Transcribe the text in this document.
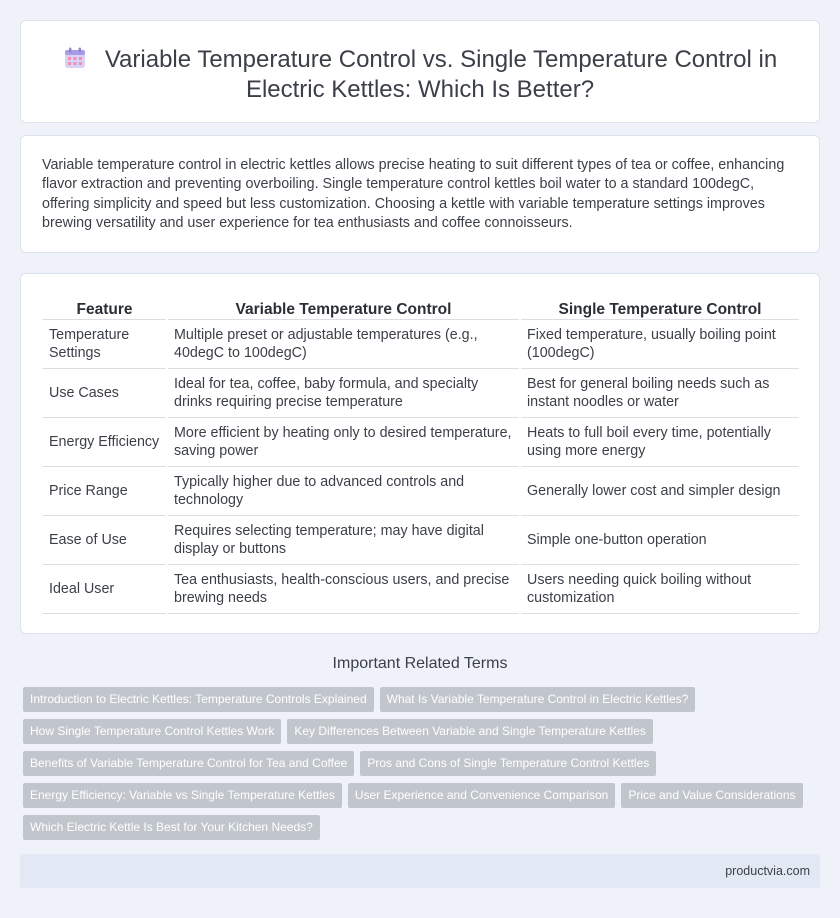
Variable Temperature Control vs. Single Temperature Control in
Electric Kettles: Which Is Better?

Variable temperature control in electric kettles allows precise heating to suit different types of tea or coffee, enhancing flavor extraction and preventing overboiling. Single temperature control kettles boil water to a standard 100degC, offering simplicity and speed but less customization. Choosing a kettle with variable temperature settings improves brewing versatility and user experience for tea enthusiasts and coffee connoisseurs.

Feature	Variable Temperature Control	Single Temperature Control
Temperature Settings	Multiple preset or adjustable temperatures (e.g., 40degC to 100degC)	Fixed temperature, usually boiling point (100degC)
Use Cases	Ideal for tea, coffee, baby formula, and specialty drinks requiring precise temperature	Best for general boiling needs such as instant noodles or water
Energy Efficiency	More efficient by heating only to desired temperature, saving power	Heats to full boil every time, potentially using more energy
Price Range	Typically higher due to advanced controls and technology	Generally lower cost and simpler design
Ease of Use	Requires selecting temperature; may have digital display or buttons	Simple one-button operation
Ideal User	Tea enthusiasts, health-conscious users, and precise brewing needs	Users needing quick boiling without customization
Important Related Terms
Introduction to Electric Kettles: Temperature Controls Explained What Is Variable Temperature Control in Electric Kettles?
How Single Temperature Control Kettles Work Key Differences Between Variable and Single Temperature Kettles
Benefits of Variable Temperature Control for Tea and Coffee Pros and Cons of Single Temperature Control Kettles
Energy Efficiency: Variable vs Single Temperature Kettles User Experience and Convenience Comparison Price and Value Considerations
Which Electric Kettle Is Best for Your Kitchen Needs?
productvia.com
